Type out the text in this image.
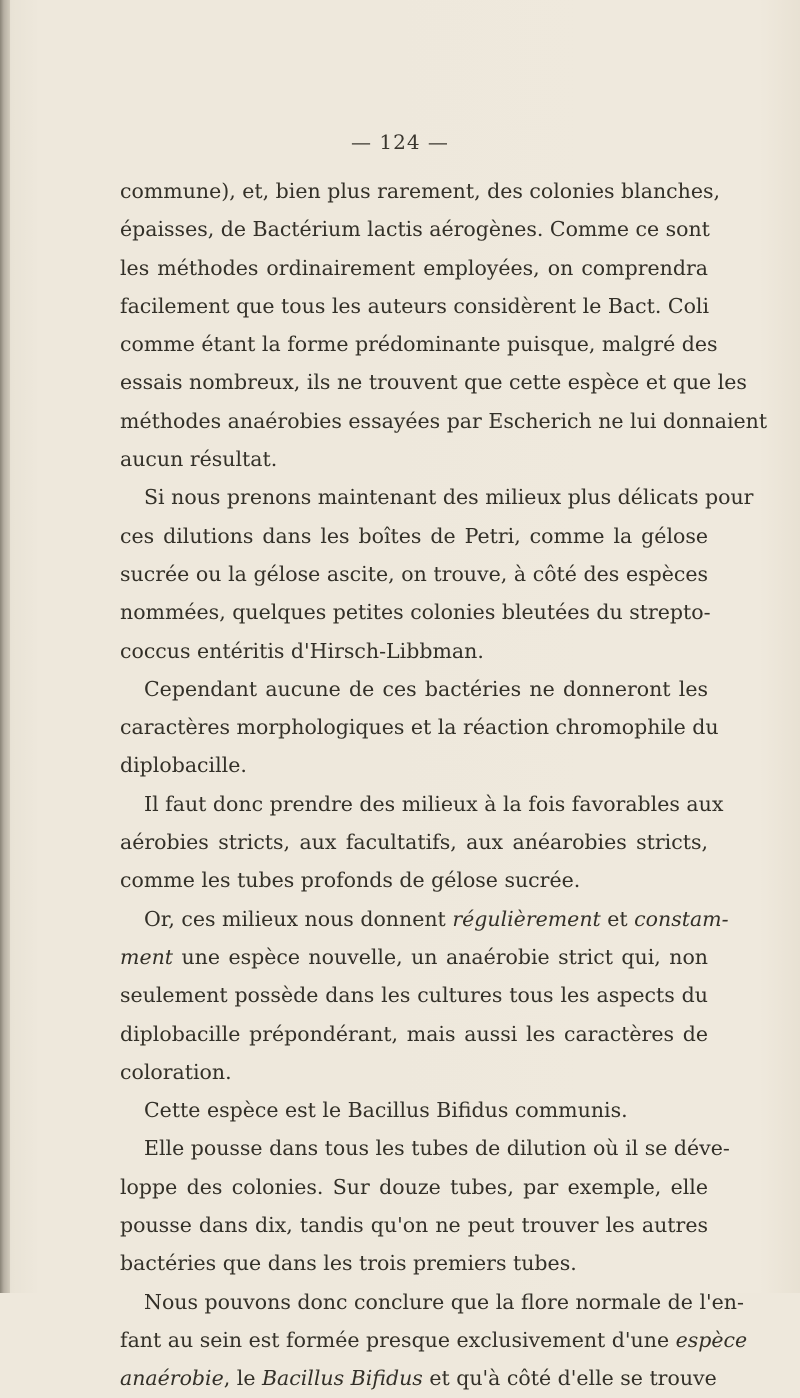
— 124 —
commune), et, bien plus rarement, des colonies blanches,
épaisses, de Bactérium lactis aérogènes. Comme ce sont
les méthodes ordinairement employées, on comprendra
facilement que tous les auteurs considèrent le Bact. Coli
comme étant la forme prédominante puisque, malgré des
essais nombreux, ils ne trouvent que cette espèce et que les
méthodes anaérobies essayées par Escherich ne lui donnaient
aucun résultat.
Si nous prenons maintenant des milieux plus délicats pour
ces dilutions dans les boîtes de Petri, comme la gélose
sucrée ou la gélose ascite, on trouve, à côté des espèces
nommées, quelques petites colonies bleutées du strepto-
coccus entéritis d'Hirsch-Libbman.
Cependant aucune de ces bactéries ne donneront les
caractères morphologiques et la réaction chromophile du
diplobacille.
Il faut donc prendre des milieux à la fois favorables aux
aérobies stricts, aux facultatifs, aux anéarobies stricts,
comme les tubes profonds de gélose sucrée.
Or, ces milieux nous donnent régulièrement et constam-
ment une espèce nouvelle, un anaérobie strict qui, non
seulement possède dans les cultures tous les aspects du
diplobacille prépondérant, mais aussi les caractères de
coloration.
Cette espèce est le Bacillus Bifidus communis.
Elle pousse dans tous les tubes de dilution où il se déve-
loppe des colonies. Sur douze tubes, par exemple, elle
pousse dans dix, tandis qu'on ne peut trouver les autres
bactéries que dans les trois premiers tubes.
Nous pouvons donc conclure que la flore normale de l'en-
fant au sein est formée presque exclusivement d'une espèce
anaérobie, le Bacillus Bifidus et qu'à côté d'elle se trouve
